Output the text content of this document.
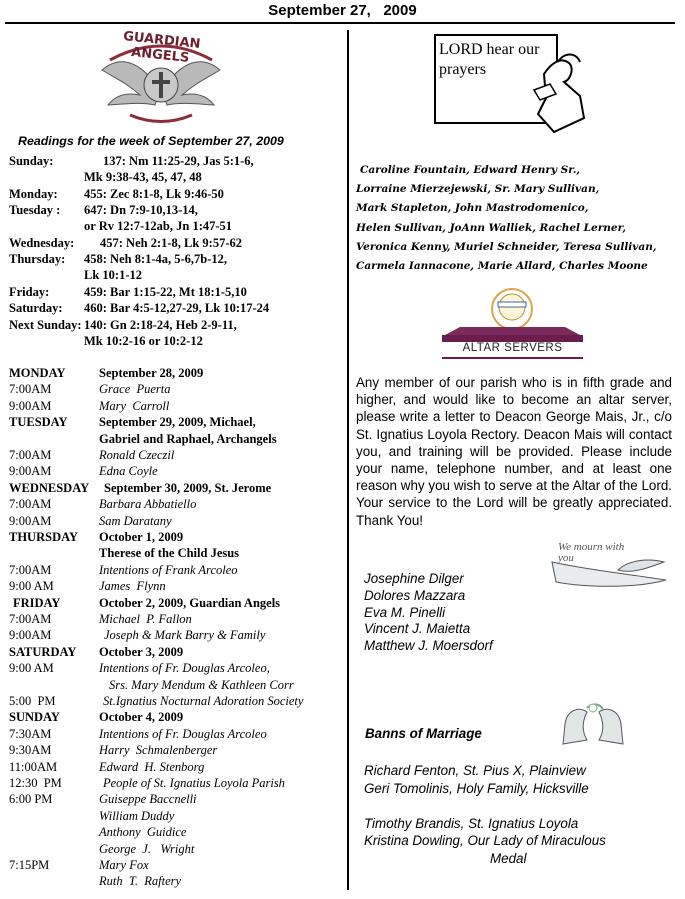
September 27,   2009
GUARDIAN ANGELS
Readings for the week of September 27, 2009
Sunday:	137: Nm 11:25-29, Jas 5:1-6,
Mk 9:38-43, 45, 47, 48
Monday: 455: Zec 8:1-8, Lk 9:46-50
Tuesday : 647: Dn 7:9-10,13-14,
or Rv 12:7-12ab, Jn 1:47-51
Wednesday: 457: Neh 2:1-8, Lk 9:57-62
Thursday: 458: Neh 8:1-4a, 5-6,7b-12,
Lk 10:1-12
Friday:	459: Bar 1:15-22, Mt 18:1-5,10
Saturday: 460: Bar 4:5-12,27-29, Lk 10:17-24
Next Sunday: 140: Gn 2:18-24, Heb 2-9-11,
Mk 10:2-16 or 10:2-12
MONDAY	September 28, 2009
7:00AM	Grace  Puerta
9:00AM	Mary  Carroll
TUESDAY	September 29, 2009, Michael,
Gabriel and Raphael, Archangels
7:00AM	Ronald Czeczil
9:00AM	Edna Coyle
WEDNESDAY September 30, 2009, St. Jerome
7:00AM	Barbara Abbatiello
9:00AM	Sam Daratany
THURSDAY October 1, 2009
Therese of the Child Jesus
7:00AM	Intentions of Frank Arcoleo
9:00 AM	James  Flynn
FRIDAY	October 2, 2009, Guardian Angels
7:00AM	Michael  P. Fallon
9:00AM	Joseph & Mark Barry & Family
SATURDAY October 3, 2009
9:00 AM	Intentions of Fr. Douglas Arcoleo,
Srs. Mary Mendum & Kathleen Corr
5:00  PM	St.Ignatius Nocturnal Adoration Society
SUNDAY	October 4, 2009
7:30AM	Intentions of Fr. Douglas Arcoleo
9:30AM	Harry  Schmalenberger
11:00AM	Edward  H. Stenborg
12:30  PM	People of St. Ignatius Loyola Parish
6:00 PM	Guiseppe Baccnelli
William Duddy
Anthony  Guidice
George  J.   Wright
7:15PM	Mary Fox
Ruth  T.  Raftery
LORD hear our prayers
Caroline Fountain, Edward Henry Sr.,
Lorraine Mierzejewski, Sr. Mary Sullivan,
Mark Stapleton, John Mastrodomenico,
Helen Sullivan, JoAnn Walliek, Rachel Lerner,
Veronica Kenny, Muriel Schneider, Teresa Sullivan,
Carmela Iannacone, Marie Allard, Charles Moone
ALTAR SERVERS
Any member of our parish who is in fifth grade and higher, and would like to become an altar server, please write a letter to Deacon George Mais, Jr., c/o St. Ignatius Loyola Rectory. Deacon Mais will contact you, and training will be provided. Please include your name, telephone number, and at least one reason why you wish to serve at the Altar of the Lord. Your service to the Lord will be greatly appreciated. Thank You!
We mourn with you
Josephine Dilger
Dolores Mazzara
Eva M. Pinelli
Vincent J. Maietta
Matthew J. Moersdorf
Banns of Marriage
Richard Fenton, St. Pius X, Plainview
Geri Tomolinis, Holy Family, Hicksville
Timothy Brandis, St. Ignatius Loyola
Kristina Dowling, Our Lady of Miraculous
Medal
